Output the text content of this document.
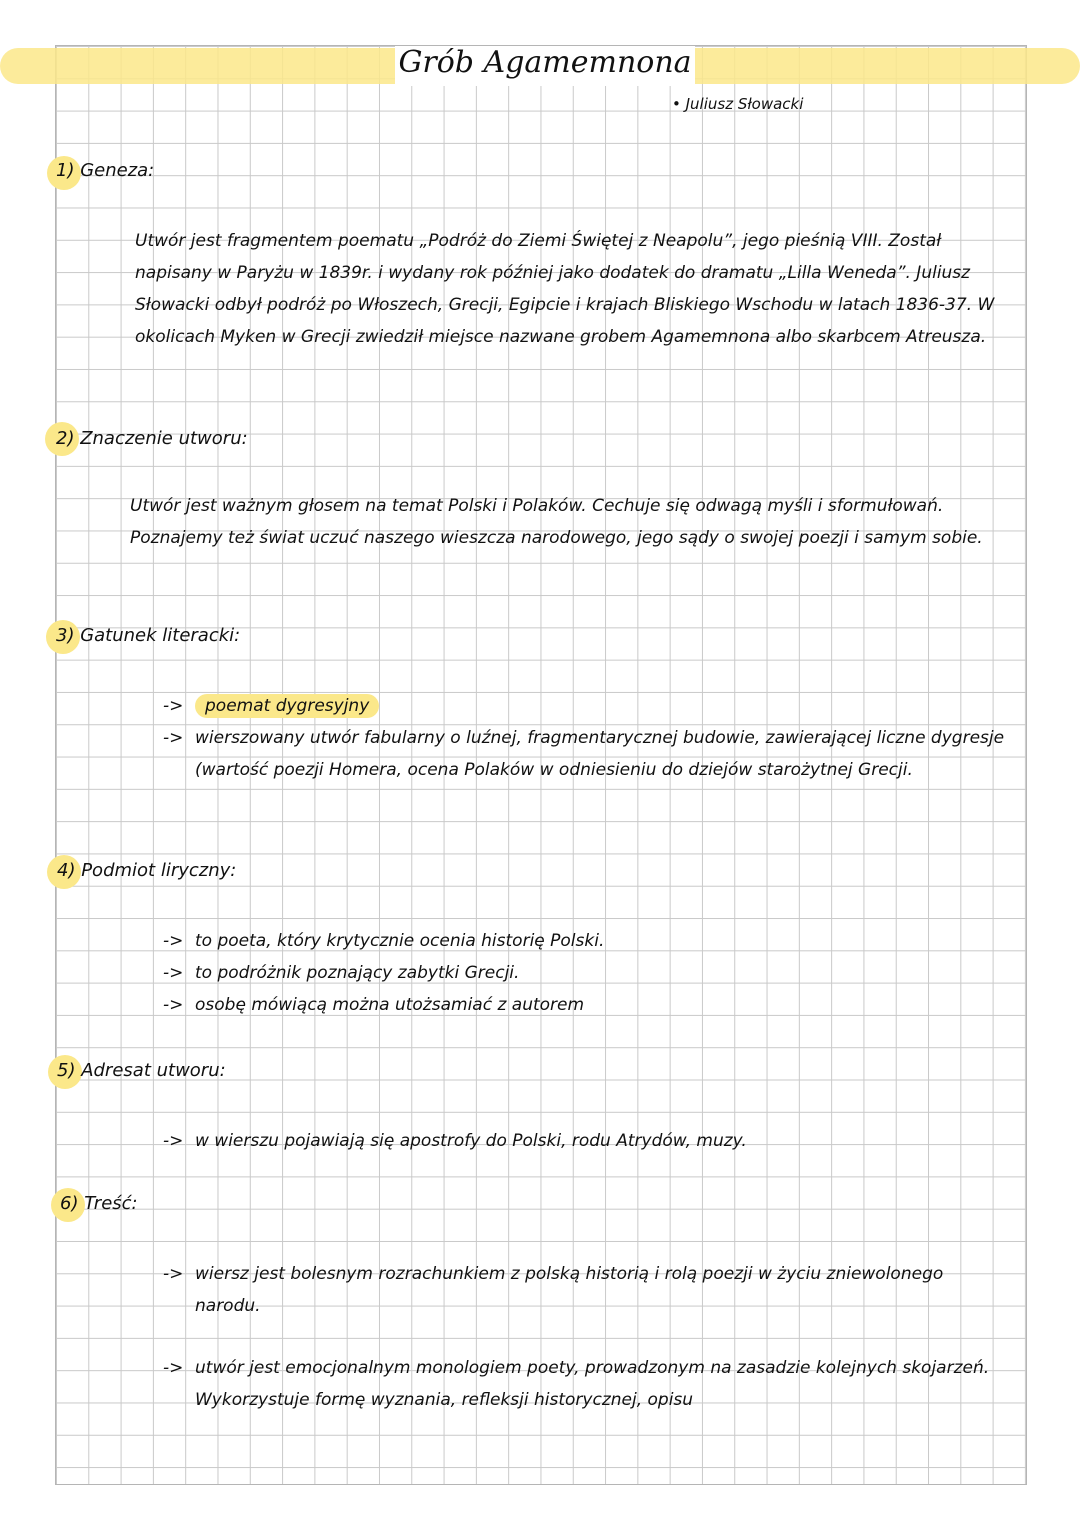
Grób Agamemnona
• Juliusz Słowacki
1) Geneza:
Utwór jest fragmentem poematu „Podróż do Ziemi Świętej z Neapolu”, jego pieśnią VIII. Został napisany w Paryżu w 1839r. i wydany rok później jako dodatek do dramatu „Lilla Weneda”. Juliusz Słowacki odbył podróż po Włoszech, Grecji, Egipcie i krajach Bliskiego Wschodu w latach 1836-37. W okolicach Myken w Grecji zwiedził miejsce nazwane grobem Agamemnona albo skarbcem Atreusza.
2) Znaczenie utworu:
Utwór jest ważnym głosem na temat Polski i Polaków. Cechuje się odwagą myśli i sformułowań. Poznajemy też świat uczuć naszego wieszcza narodowego, jego sądy o swojej poezji i samym sobie.
3) Gatunek literacki:
-> poemat dygresyjny
-> wierszowany utwór fabularny o luźnej, fragmentarycznej budowie, zawierającej liczne dygresje (wartość poezji Homera, ocena Polaków w odniesieniu do dziejów starożytnej Grecji.
4) Podmiot liryczny:
-> to poeta, który krytycznie ocenia historię Polski.
-> to podróżnik poznający zabytki Grecji.
-> osobę mówiącą można utożsamiać z autorem
5) Adresat utworu:
-> w wierszu pojawiają się apostrofy do Polski, rodu Atrydów, muzy.
6) Treść:
-> wiersz jest bolesnym rozrachunkiem z polską historią i rolą poezji w życiu zniewolonego narodu.
-> utwór jest emocjonalnym monologiem poety, prowadzonym na zasadzie kolejnych skojarzeń. Wykorzystuje formę wyznania, refleksji historycznej, opisu
